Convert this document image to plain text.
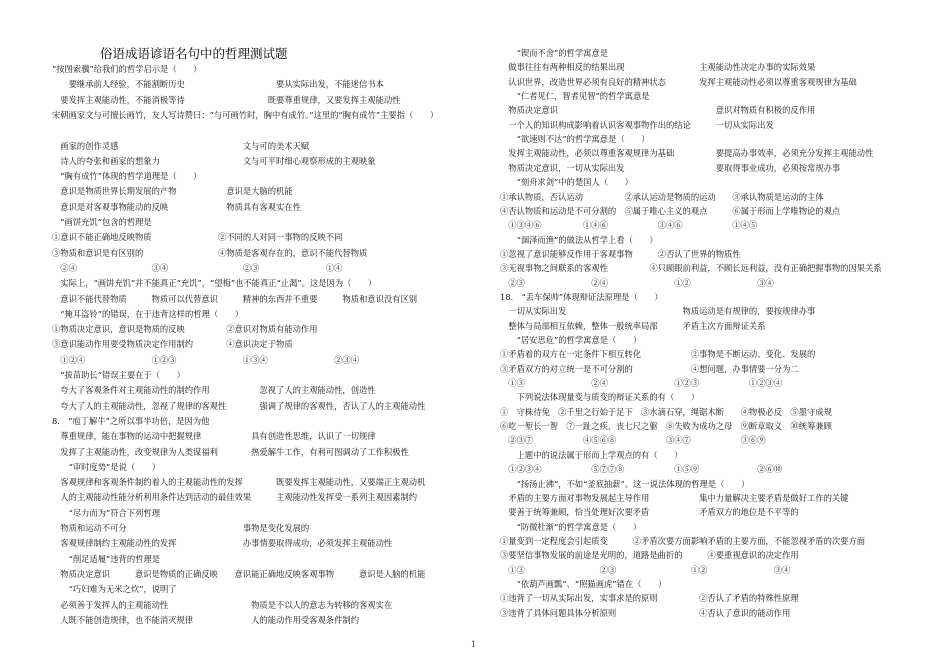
俗语成语谚语名句中的哲理测试题
“按图索骥”给我们的哲学启示是（　　）
　　要继承前人经验，不能割断历史　　　　　　　　　　　要从实际出发，不能迷信书本
　要发挥主观能动性，不能消极等待　　　　　　　　　　既要尊重规律，又要发挥主观能动性
宋朝画家文与可擅长画竹，友人写诗赞曰：“与可画竹时，胸中有成竹。”这里的“胸有成竹”主要指（　　）
　画家的创作灵感　　　　　　　　　　　　　　　文与可的美术天赋
　诗人的夸张和画家的想象力　　　　　　　　　　文与可平时细心观察形成的主观映象
　“胸有成竹”体现的哲学道理是（　　）
　意识是物质世界长期发展的产物　　　　　　意识是大脑的机能
　意识是对客观事物能动的反映　　　　　　　物质具有客观实在性
　“画饼充饥”包含的哲理是
①意识不能正确地反映物质　　　　　　　　②不同的人对同一事物的反映不同
③物质和意识是有区别的　　　　　　　　　④物质是客观存在的，意识不能代替物质
　②④　　　　　　　　　③④　　　　　　　　　②③　　　　　　　　①④
　实际上，“画饼充饥”并不能真正“充饥”，“望梅”也不能真正“止渴”。这是因为（　　）
　意识不能代替物质　　　物质可以代替意识　　　精神的东西并不重要　　　物质和意识没有区别
　“掩耳盗铃”的错误，在于违背这样的哲理（　　）
①物质决定意识，意识是物质的反映　　　　　②意识对物质有能动作用
③意识能动作用要受物质决定作用制约　　　　④意识决定于物质
　①②④　　　　　　　　①②③　　　　　　　　①③④　　　　　　　　②③④
　“拔苗助长”错误主要在于（　　）
　夸大了客观条件对主观能动性的制约作用　　　　　　忽视了人的主观能动性，创造性
　夸大了人的主观能动性，忽视了规律的客观性　　　　强调了规律的客观性，否认了人的主观能动性
8.　“庖丁解牛”之所以事半功倍，是因为他
　尊重规律，能在事物的运动中把握规律　　　　　　具有创造性思维，认识了一切规律
　发挥了主观能动性，改变规律为人类谋福利　　　　热爱解牛工作，有利可图调动了工作积极性
　　“审时度势”是说（　　）
　客观规律和客观条件制约着人的主观能动性的发挥　　　　既要发挥主观能动性，又要端正主观动机
　人的主观能动性能分析利用条件达到活动的最佳效果　　　主观能动性发挥受一系列主观因素制约
　　“尽力而为”符合下列哲理
　物质和运动不可分　　　　　　　　　　　　　　事物是变化发展的
　客观规律制约主观能动性的发挥　　　　　　　　办事情要取得成功，必须发挥主观能动性
　　“削足适履”违背的哲理是
　物质决定意识　　　意识是物质的正确反映　　意识能正确地反映客观事物　　　意识是人脑的机能
　　“巧妇难为无米之炊”，说明了
　必须善于发挥人的主观能动性　　　　　　　　　　物质是不以人的意志为转移的客观实在
　人既不能创造规律，也不能消灭规律　　　　　　　人的能动作用受客观条件制约
　　“锲而不舍”的哲学寓意是
　做事往往有两种相反的结果出现　　　　　　　　　主观能动性决定办事的实际效果
　认识世界，改造世界必须有良好的精神状态　　　　发挥主观能动性必须以尊重客观规律为基础
　　“仁者见仁，智者见智”的哲学寓意是
　物质决定意识　　　　　　　　　　　　　　　　　　　意识对物质有积极的反作用
　一个人的知识构成影响着认识客观事物作出的结论　　　一切从实际出发
　　“欲速则不达”的哲学寓意是（　　）
　发挥主观能动性，必须以尊重客观规律为基础　　　　　要提高办事效率，必须充分发挥主观能动性
　物质决定意识，一切从实际出发　　　　　　　　　　　要取得事业成功，必须按常规办事
　　“刻舟求剑”中的楚国人（　　）
①承认物质，否认运动　　　　　②承认运动是物质的运动　　③承认物质是运动的主体
④否认物质和运动是不可分割的　⑤属于唯心主义的观点　　　⑥属于形而上学唯物论的观点
　①③④⑥　　　　　①④⑥　　　　　　③④⑥　　　　　　①④⑤
　　“涸泽而渔”的做法从哲学上看（　　）
①忽视了意识能够反作用于客观事物　　　②否认了世界的物质性
③无视事物之间联系的客观性　　　　　④只顾眼前利益，不顾长远利益，没有正确把握事物的因果关系
　②③　　　　　　　　②④　　　　　　　　①②　　　　　　　　③④
18.　“丢车保帅”体现辩证法原理是（　　）
　一切从实际出发　　　　　　　　　　　　　　物质运动是有规律的，要按规律办事
　整体与局部相互依赖，整体一般统率局部　　　矛盾主次方面辩证关系
　　“居安思危”的哲学寓意是（　　）
①矛盾着的双方在一定条件下相互转化　　　　　　②事物是不断运动、变化、发展的
③矛盾双方的对立统一是不可分割的　　　　　　　④想问题，办事情要一分为二
　①③　　　　　　　　②④　　　　　　　　①②③　　　　　　①②③④
　　下列说法体现量变与质变的辩证关系的有（　　）
①　守株待兔　②千里之行始于足下　③水滴石穿，绳锯木断　　④物极必反　⑤墨守成规
⑥吃一堑长一智　⑦一趾之疾，丧七尺之躯　⑧失败为成功之母　⑨断章取义　⑩统筹兼顾
　②③⑦　　　　　　④⑤⑥⑧　　　　　　③④⑦　　　　　　③⑥⑨
　　上题中的说法属于形而上学观点的有（　　）
　①②③④　　　　　　⑤⑦⑦⑧　　　　　　①⑤⑨　　　　　　　②⑥⑩
　　“扬汤止沸”，不如“釜底抽薪”。这一说法体现的哲理是（　　）
　矛盾的主要方面对事物发展起主导作用　　　　　　集中力量解决主要矛盾是做好工作的关键
　要善于统筹兼顾，恰当处理好次要矛盾　　　　　　矛盾双方的地位是不平等的
　　“防微杜渐”的哲学寓意是（　　）
①量变到一定程度会引起质变　　　②矛盾次要方面影响矛盾的主要方面，不能忽视矛盾的次要方面
③要坚信事物发展的前途是光明的，道路是曲折的　　　④要重视意识的决定作用
　①③　　　　　　　　　②③　　　　　　　　　①②　　　　　　　　③④
　　“依葫芦画瓢”、“照猫画虎”错在（　　）
①违背了一切从实际出发，实事求是的原则　　　　　②否认了矛盾的特殊性原理
③违背了具体问题具体分析原则　　　　　　　　　　④否认了意识的能动作用
1
